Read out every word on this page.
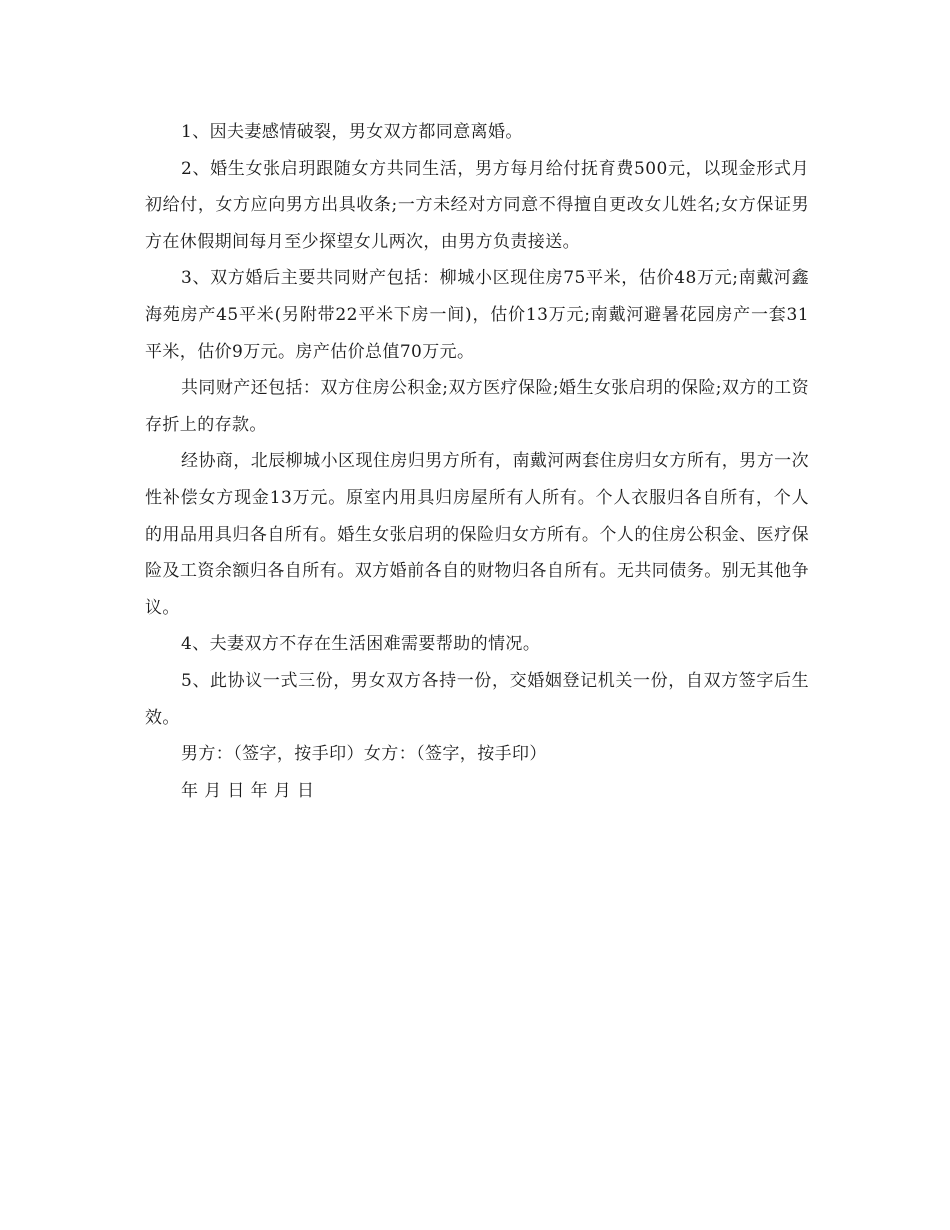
1、因夫妻感情破裂，男女双方都同意离婚。

2、婚生女张启玥跟随女方共同生活，男方每月给付抚育费500元，以现金形式月初给付，女方应向男方出具收条;一方未经对方同意不得擅自更改女儿姓名;女方保证男方在休假期间每月至少探望女儿两次，由男方负责接送。

3、双方婚后主要共同财产包括：柳城小区现住房75平米，估价48万元;南戴河鑫海苑房产45平米(另附带22平米下房一间)，估价13万元;南戴河避暑花园房产一套31平米，估价9万元。房产估价总值70万元。

共同财产还包括：双方住房公积金;双方医疗保险;婚生女张启玥的保险;双方的工资存折上的存款。

经协商，北辰柳城小区现住房归男方所有，南戴河两套住房归女方所有，男方一次性补偿女方现金13万元。原室内用具归房屋所有人所有。个人衣服归各自所有，个人的用品用具归各自所有。婚生女张启玥的保险归女方所有。个人的住房公积金、医疗保险及工资余额归各自所有。双方婚前各自的财物归各自所有。无共同债务。别无其他争议。

4、夫妻双方不存在生活困难需要帮助的情况。

5、此协议一式三份，男女双方各持一份，交婚姻登记机关一份，自双方签字后生效。

男方：（签字，按手印）女方：（签字，按手印）

年 月 日 年 月 日
